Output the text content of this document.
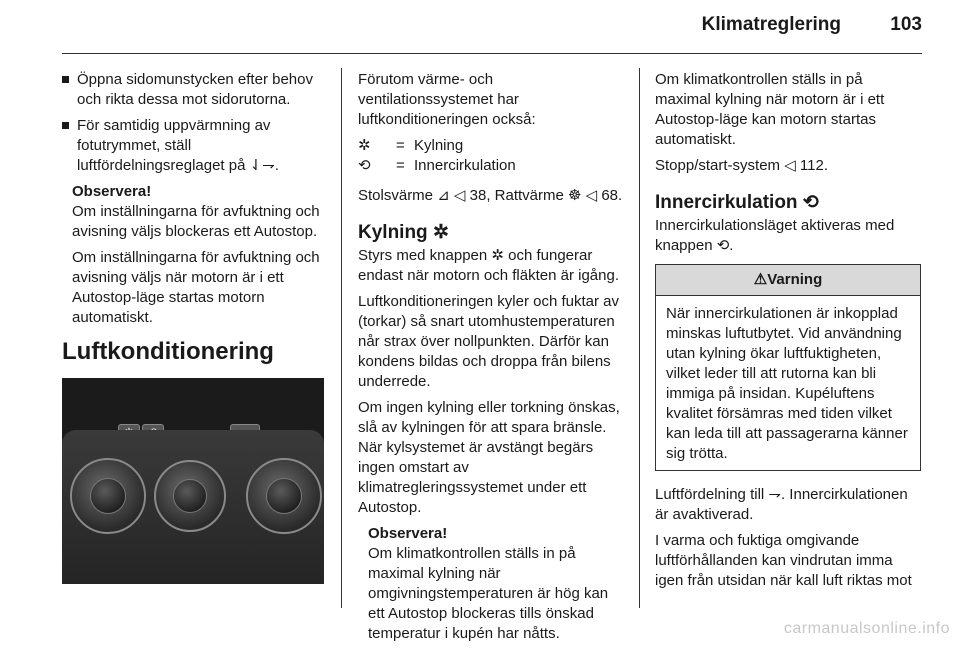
Klimatreglering	103
Öppna sidomunstycken efter behov och rikta dessa mot sidorutorna.
För samtidig uppvärmning av fotutrymmet, ställ luftfördelningsreglaget på ⇃⇁.

Observera!

Om inställningarna för avfuktning och avisning väljs blockeras ett Autostop.

Om inställningarna för avfuktning och avisning väljs när motorn är i ett Autostop-läge startas motorn automatiskt.

Luftkonditionering

Förutom värme- och ventilationssystemet har luftkonditioneringen också:

✲	= Kylning
⟲	= Innercirkulation

Stolsvärme ⊿ ◁ 38, Rattvärme ☸ ◁ 68.

Kylning ✲

Styrs med knappen ✲ och fungerar endast när motorn och fläkten är igång.

Luftkonditioneringen kyler och fuktar av (torkar) så snart utomhustemperaturen når strax över nollpunkten. Därför kan kondens bildas och droppa från bilens underrede.

Om ingen kylning eller torkning önskas, slå av kylningen för att spara bränsle. När kylsystemet är avstängt begärs ingen omstart av klimatregleringssystemet under ett Autostop.

Observera!

Om klimatkontrollen ställs in på maximal kylning när omgivningstemperaturen är hög kan ett Autostop blockeras tills önskad temperatur i kupén har nåtts.

Om klimatkontrollen ställs in på maximal kylning när motorn är i ett Autostop-läge kan motorn startas automatiskt.

Stopp/start-system ◁ 112.

Innercirkulation ⟲

Innercirkulationsläget aktiveras med knappen ⟲.

⚠Varning
När innercirkulationen är inkopplad minskas luftutbytet. Vid användning utan kylning ökar luftfuktigheten, vilket leder till att rutorna kan bli immiga på insidan. Kupéluftens kvalitet försämras med tiden vilket kan leda till att passagerarna känner sig trötta.

Luftfördelning till ⇁. Innercirkulationen är avaktiverad.

I varma och fuktiga omgivande luftförhållanden kan vindrutan imma igen från utsidan när kall luft riktas mot

carmanualsonline.info
